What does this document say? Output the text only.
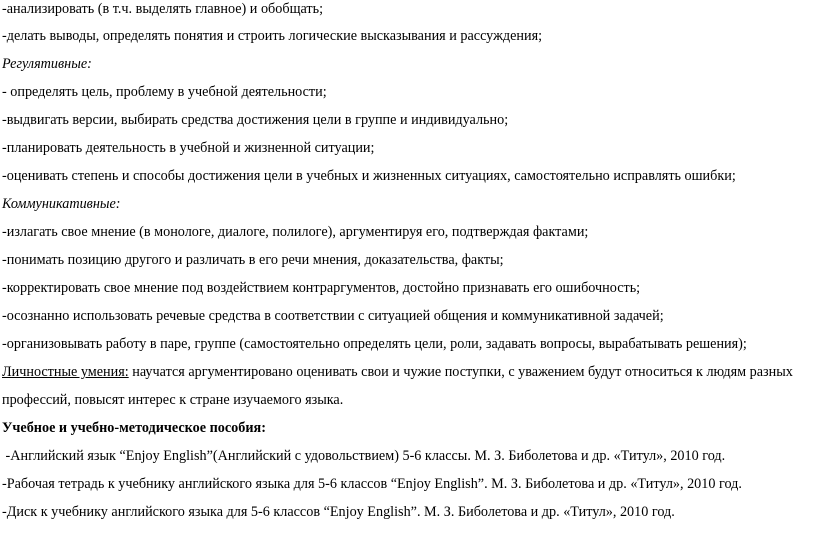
-анализировать (в т.ч. выделять главное) и обобщать;
-делать выводы, определять понятия и строить логические высказывания и рассуждения;
Регулятивные:
- определять цель, проблему в учебной деятельности;
-выдвигать версии, выбирать средства достижения цели в группе и индивидуально;
-планировать деятельность в учебной и жизненной ситуации;
-оценивать степень и способы достижения цели в учебных и жизненных ситуациях, самостоятельно исправлять ошибки;
Коммуникативные:
-излагать свое мнение (в монологе, диалоге, полилоге), аргументируя его, подтверждая фактами;
-понимать позицию другого и различать в его речи мнения, доказательства, факты;
-корректировать свое мнение под воздействием контраргументов, достойно признавать его ошибочность;
-осознанно использовать речевые средства в соответствии с ситуацией общения и коммуникативной задачей;
-организовывать работу в паре, группе (самостоятельно определять цели, роли, задавать вопросы, вырабатывать решения);
Личностные умения: научатся аргументировано оценивать свои и чужие поступки, с уважением будут относиться к людям разных
профессий, повысят интерес к стране изучаемого языка.
Учебное и учебно-методическое пособия:
-Английский язык “Enjoy English”(Английский с удовольствием) 5-6 классы. М. З. Биболетова и др. «Титул», 2010 год.
-Рабочая тетрадь к учебнику английского языка для 5-6 классов “Enjoy English”. М. З. Биболетова и др. «Титул», 2010 год.
-Диск к учебнику английского языка для 5-6 классов “Enjoy English”. М. З. Биболетова и др. «Титул», 2010 год.
